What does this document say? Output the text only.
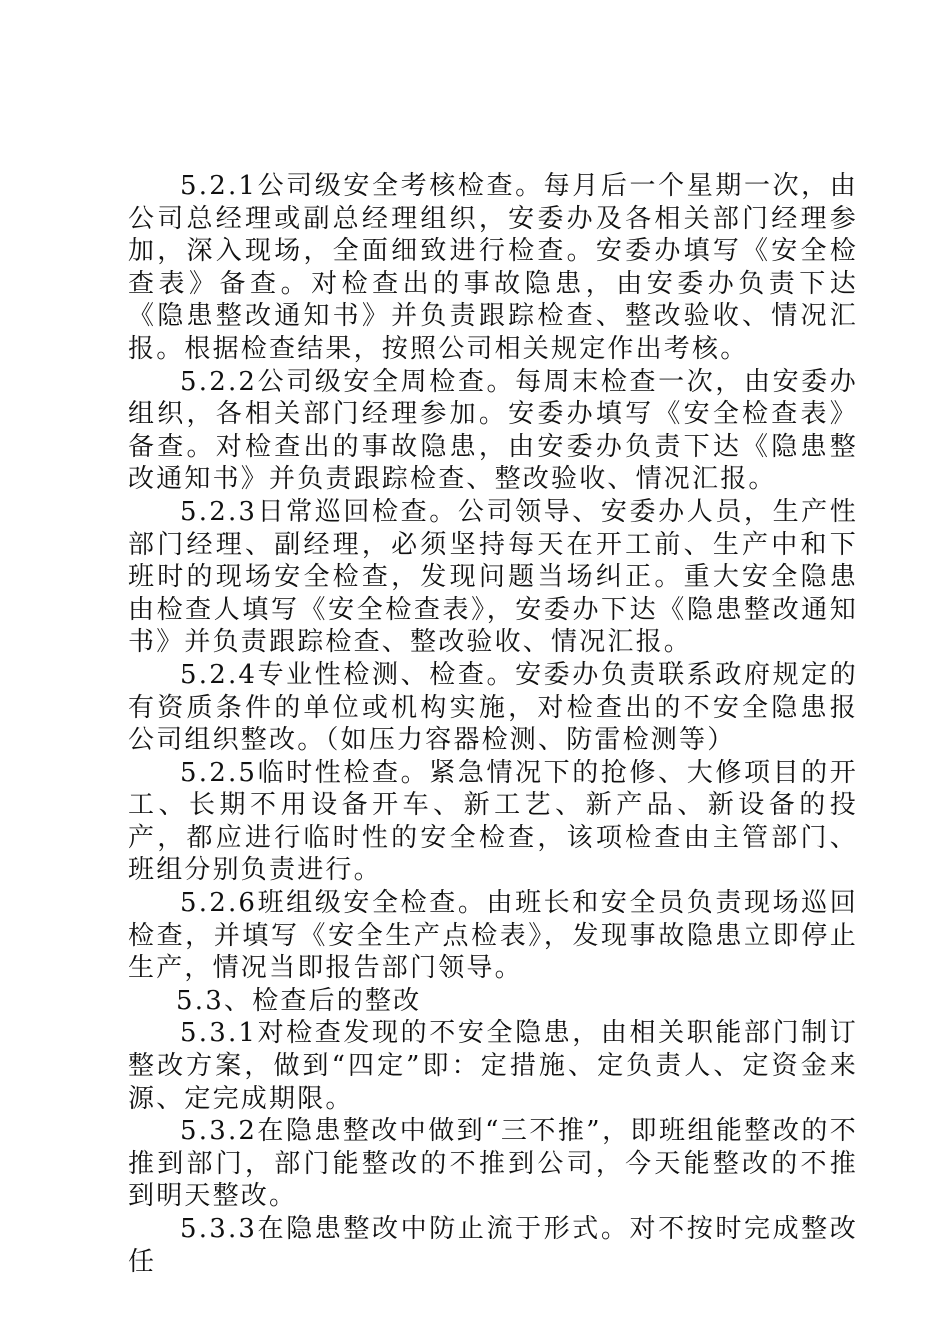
5.2.1公司级安全考核检查。每月后一个星期一次，由公司总经理或副总经理组织，安委办及各相关部门经理参加，深入现场，全面细致进行检查。安委办填写《安全检查表》备查。对检查出的事故隐患，由安委办负责下达《隐患整改通知书》并负责跟踪检查、整改验收、情况汇报。根据检查结果，按照公司相关规定作出考核。

5.2.2公司级安全周检查。每周末检查一次，由安委办组织，各相关部门经理参加。安委办填写《安全检查表》备查。对检查出的事故隐患，由安委办负责下达《隐患整改通知书》并负责跟踪检查、整改验收、情况汇报。

5.2.3日常巡回检查。公司领导、安委办人员，生产性部门经理、副经理，必须坚持每天在开工前、生产中和下班时的现场安全检查，发现问题当场纠正。重大安全隐患由检查人填写《安全检查表》，安委办下达《隐患整改通知书》并负责跟踪检查、整改验收、情况汇报。

5.2.4专业性检测、检查。安委办负责联系政府规定的有资质条件的单位或机构实施，对检查出的不安全隐患报公司组织整改。（如压力容器检测、防雷检测等）

5.2.5临时性检查。紧急情况下的抢修、大修项目的开工、长期不用设备开车、新工艺、新产品、新设备的投产，都应进行临时性的安全检查，该项检查由主管部门、班组分别负责进行。

5.2.6班组级安全检查。由班长和安全员负责现场巡回检查，并填写《安全生产点检表》，发现事故隐患立即停止生产，情况当即报告部门领导。

5.3、检查后的整改

5.3.1对检查发现的不安全隐患，由相关职能部门制订整改方案，做到“四定”即：定措施、定负责人、定资金来源、定完成期限。

5.3.2在隐患整改中做到“三不推”，即班组能整改的不推到部门，部门能整改的不推到公司，今天能整改的不推到明天整改。

5.3.3在隐患整改中防止流于形式。对不按时完成整改任
